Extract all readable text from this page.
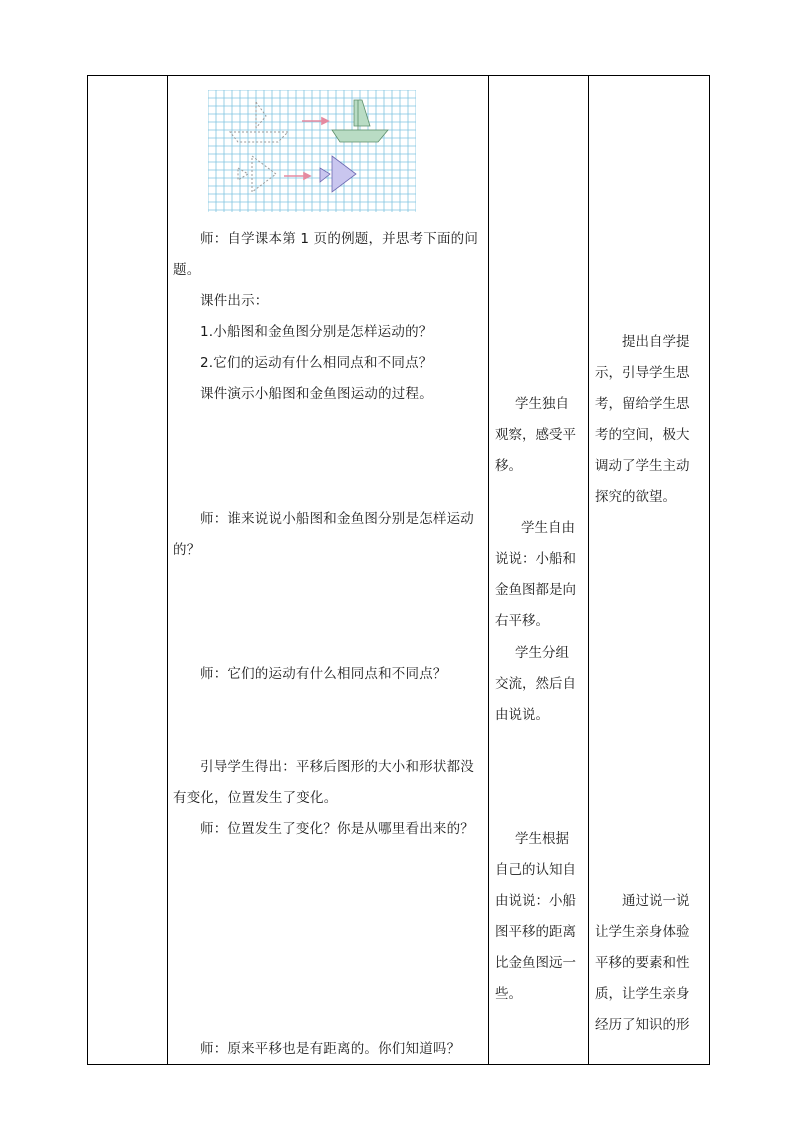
师：自学课本第 1 页的例题，并思考下面的问
题。
课件出示：
1.小船图和金鱼图分别是怎样运动的？
2.它们的运动有什么相同点和不同点？
课件演示小船图和金鱼图运动的过程。
师：谁来说说小船图和金鱼图分别是怎样运动
的？
师：它们的运动有什么相同点和不同点？
引导学生得出：平移后图形的大小和形状都没
有变化，位置发生了变化。
师：位置发生了变化？你是从哪里看出来的？
师：原来平移也是有距离的。你们知道吗？

学生独自
观察，感受平
移。
学生自由
说说：小船和
金鱼图都是向
右平移。
学生分组
交流，然后自
由说说。
学生根据
自己的认知自
由说说：小船
图平移的距离
比金鱼图远一
些。

提出自学提
示，引导学生思
考，留给学生思
考的空间，极大
调动了学生主动
探究的欲望。
通过说一说
让学生亲身体验
平移的要素和性
质，让学生亲身
经历了知识的形
